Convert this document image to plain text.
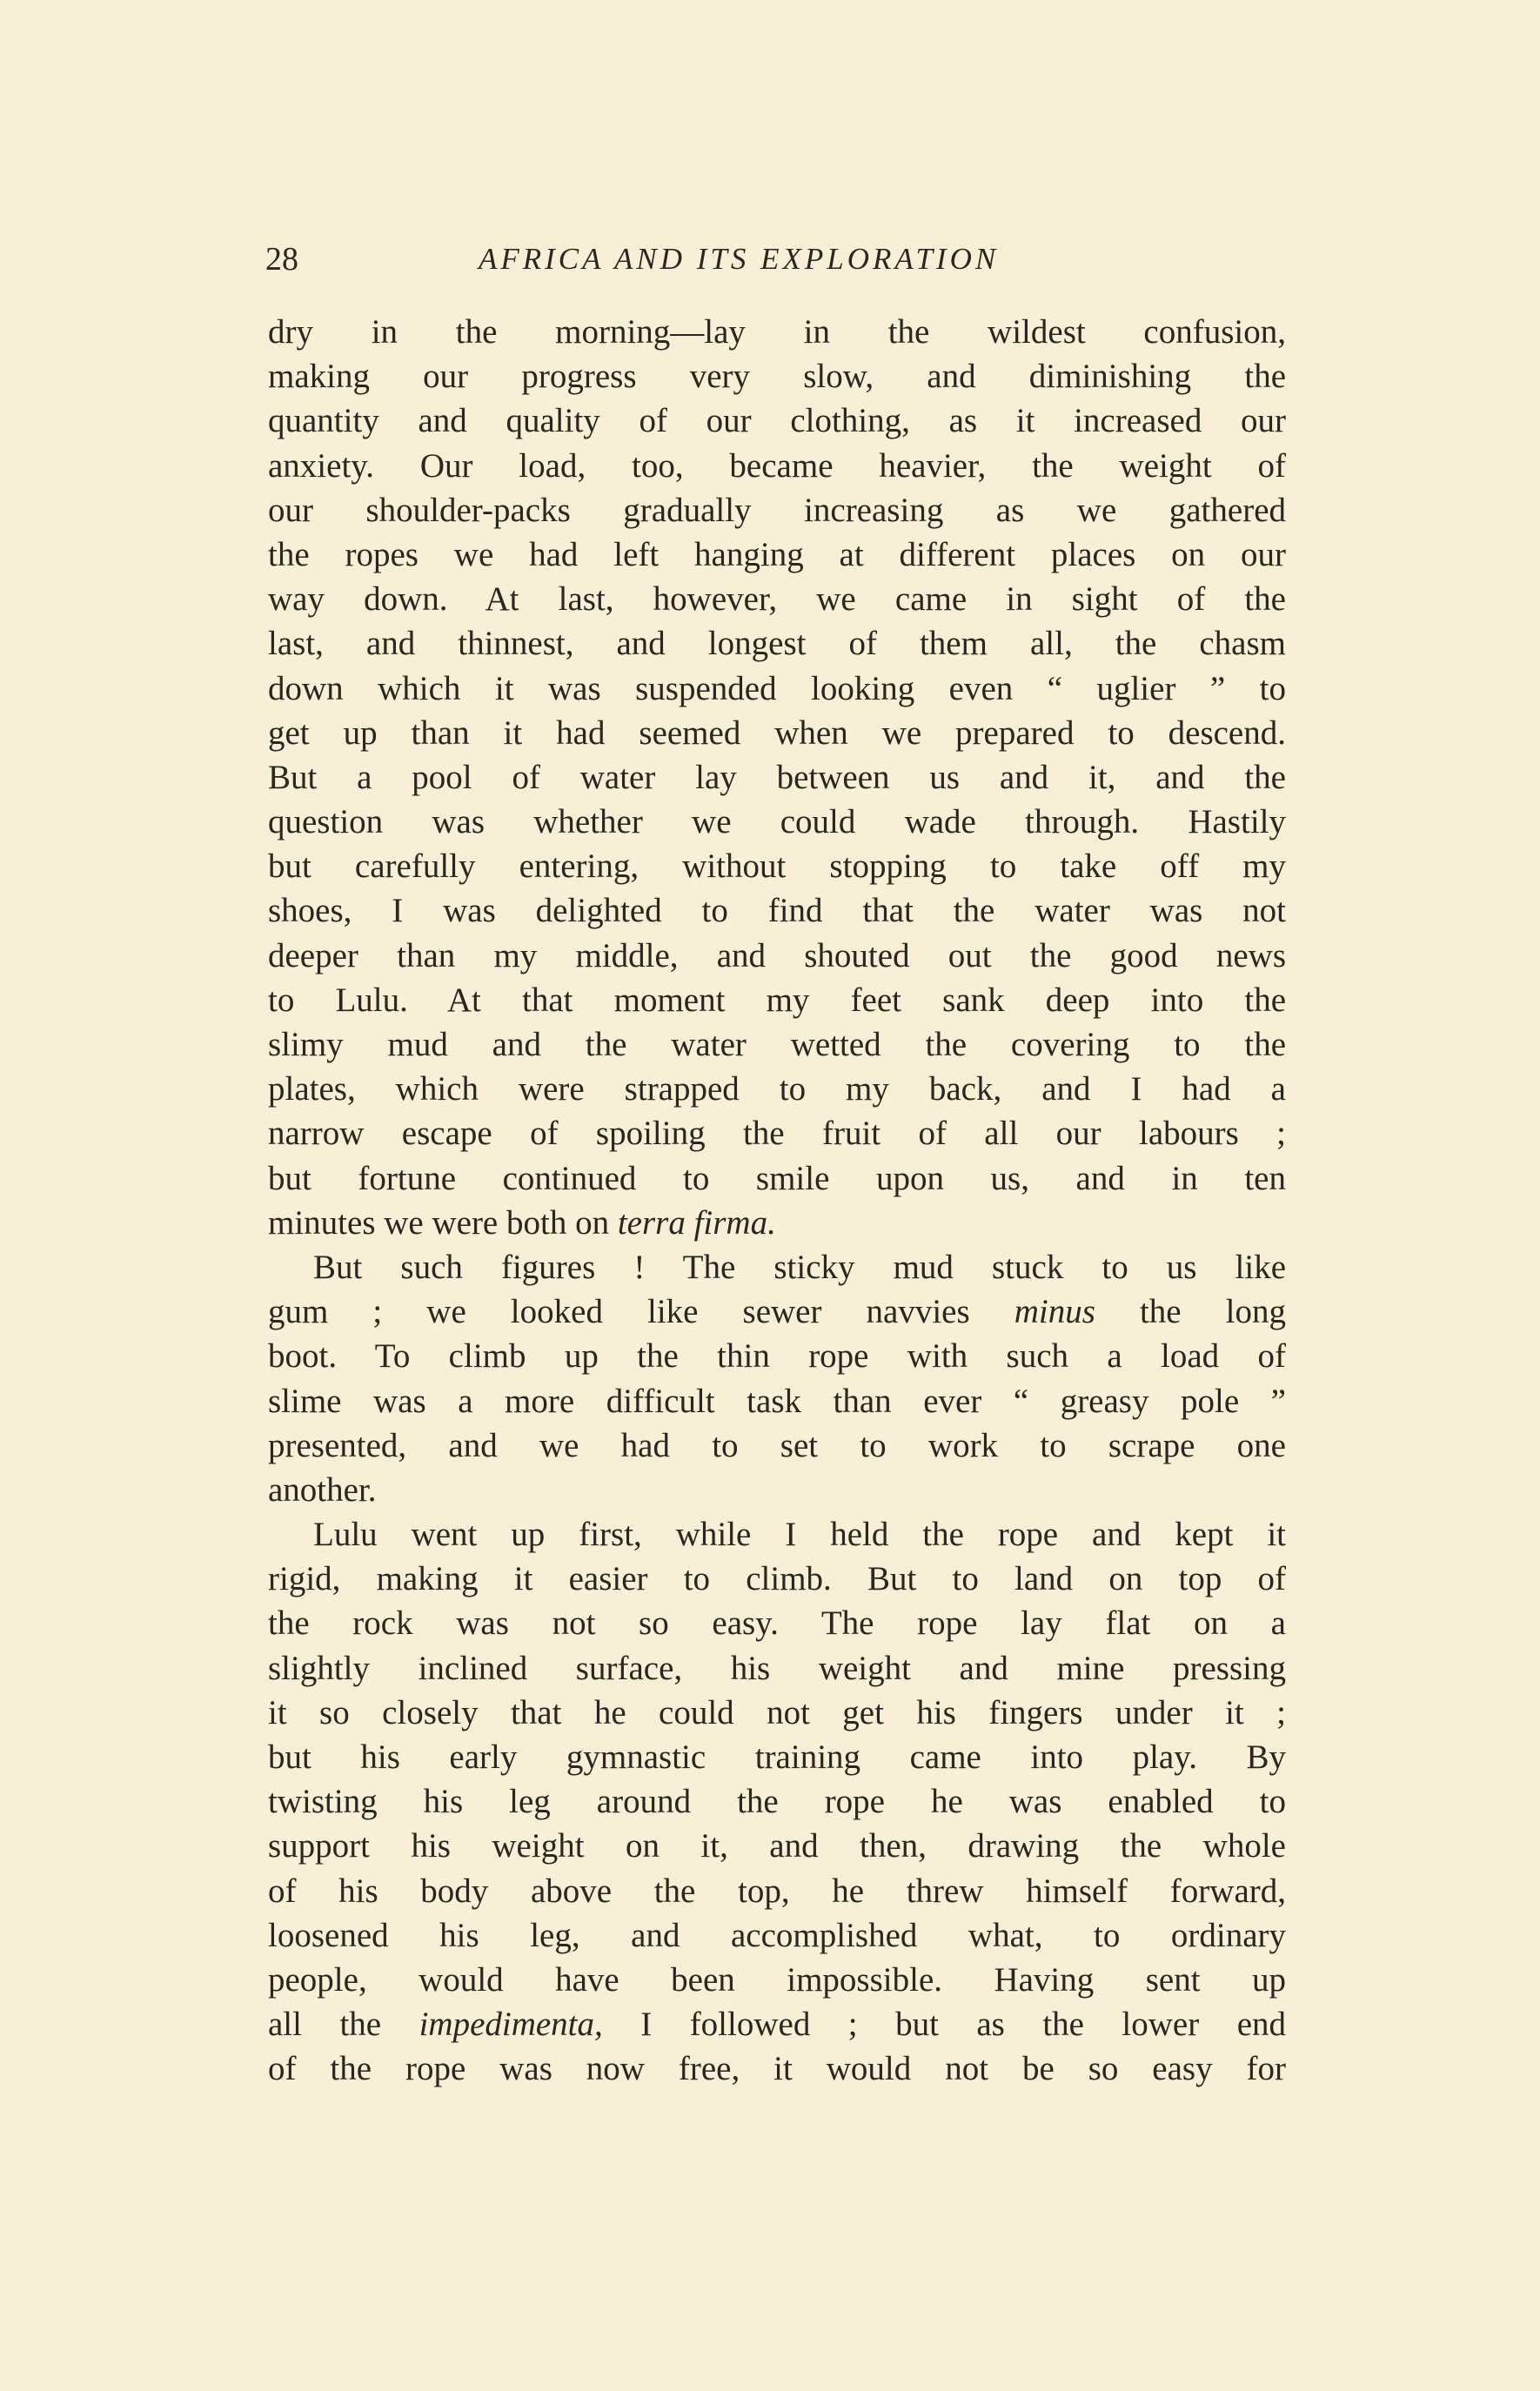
28	AFRICA AND ITS EXPLORATION
dry in the morning—lay in the wildest confusion,
making our progress very slow, and diminishing the
quantity and quality of our clothing, as it increased our
anxiety. Our load, too, became heavier, the weight of
our shoulder-packs gradually increasing as we gathered
the ropes we had left hanging at different places on our
way down. At last, however, we came in sight of the
last, and thinnest, and longest of them all, the chasm
down which it was suspended looking even “ uglier ” to
get up than it had seemed when we prepared to descend.
But a pool of water lay between us and it, and the
question was whether we could wade through. Hastily
but carefully entering, without stopping to take off my
shoes, I was delighted to find that the water was not
deeper than my middle, and shouted out the good news
to Lulu. At that moment my feet sank deep into the
slimy mud and the water wetted the covering to the
plates, which were strapped to my back, and I had a
narrow escape of spoiling the fruit of all our labours ;
but fortune continued to smile upon us, and in ten
minutes we were both on terra firma.
But such figures ! The sticky mud stuck to us like
gum ; we looked like sewer navvies minus the long
boot. To climb up the thin rope with such a load of
slime was a more difficult task than ever “ greasy pole ”
presented, and we had to set to work to scrape one
another.
Lulu went up first, while I held the rope and kept it
rigid, making it easier to climb. But to land on top of
the rock was not so easy. The rope lay flat on a
slightly inclined surface, his weight and mine pressing
it so closely that he could not get his fingers under it ;
but his early gymnastic training came into play. By
twisting his leg around the rope he was enabled to
support his weight on it, and then, drawing the whole
of his body above the top, he threw himself forward,
loosened his leg, and accomplished what, to ordinary
people, would have been impossible. Having sent up
all the impedimenta, I followed ; but as the lower end
of the rope was now free, it would not be so easy for
